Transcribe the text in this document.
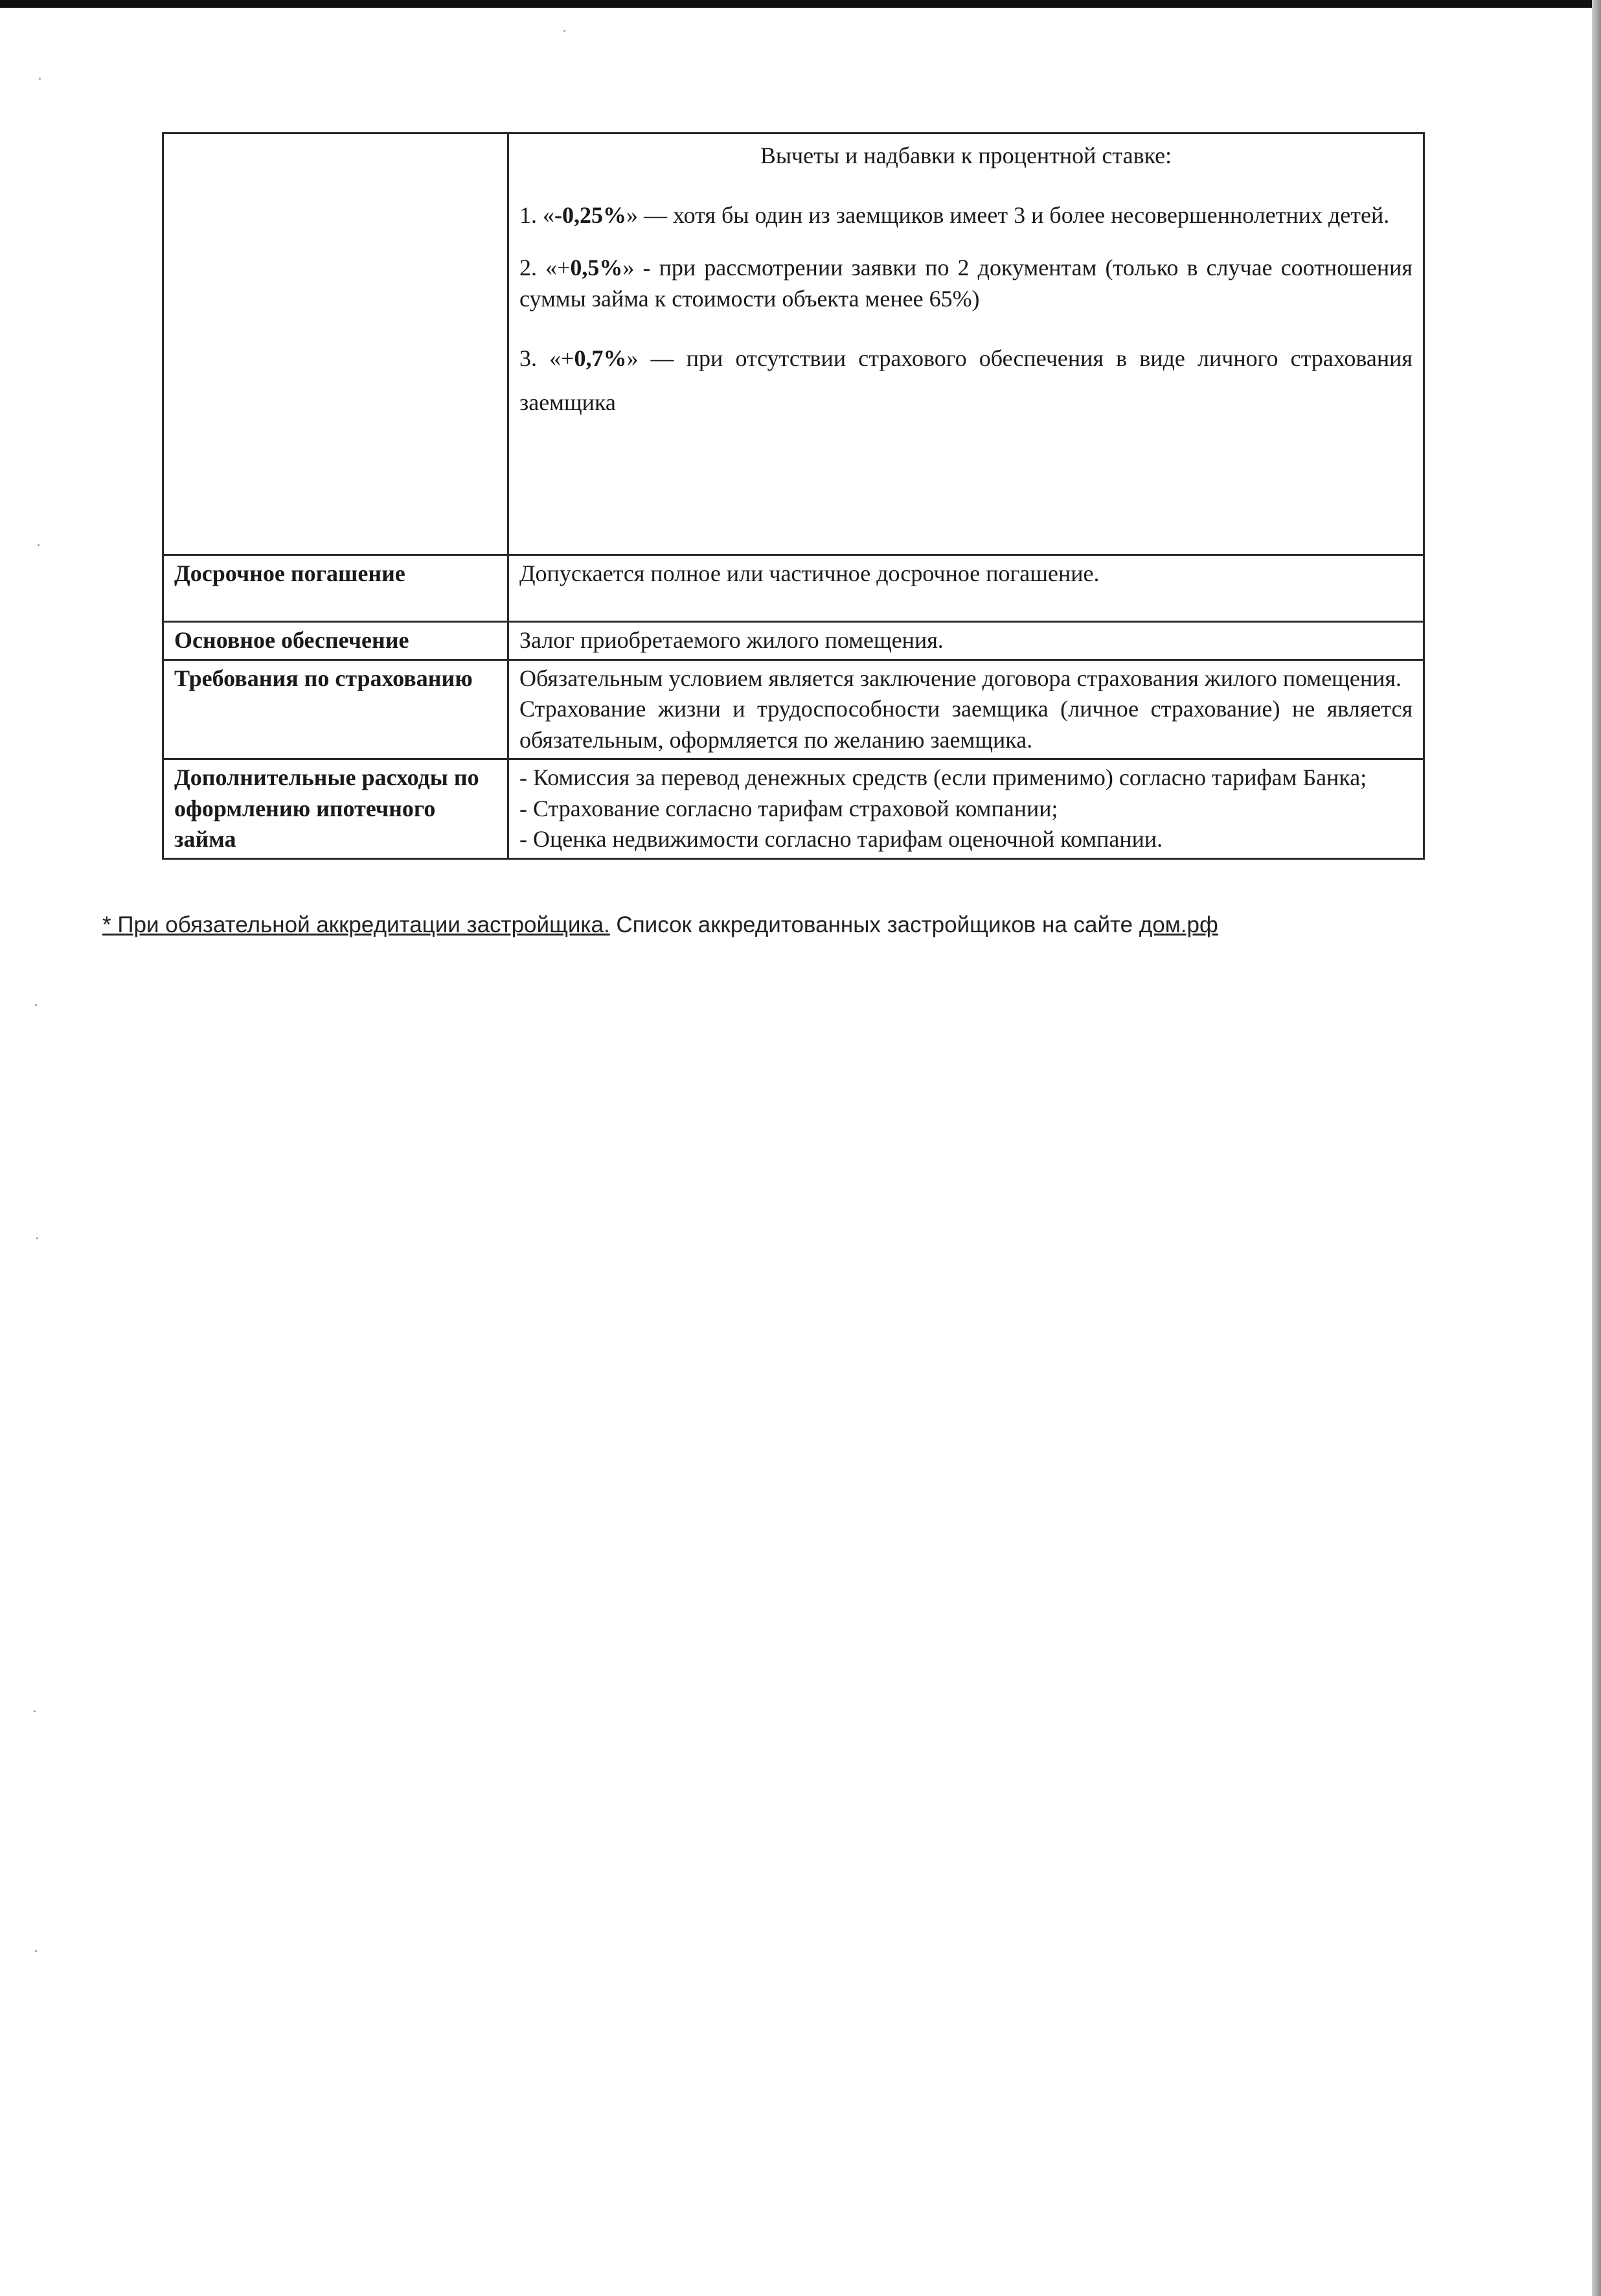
	Вычеты и надбавки к процентной ставке:

1. «-0,25%» — хотя бы один из заемщиков имеет 3 и более несовершеннолетних детей.

2. «+0,5%» - при рассмотрении заявки по 2 документам (только в случае соотношения суммы займа к стоимости объекта менее 65%)

3. «+0,7%» — при отсутствии страхового обеспечения в виде личного страхования заемщика

Досрочное погашение	Допускается полное или частичное досрочное погашение.
Основное обеспечение	Залог приобретаемого жилого помещения.
Требования по страхованию	Обязательным условием является заключение договора страхования жилого помещения.
Страхование жизни и трудоспособности заемщика (личное страхование) не является обязательным, оформляется по желанию заемщика.

Дополнительные расходы по оформлению ипотечного займа	- Комиссия за перевод денежных средств (если применимо) согласно тарифам Банка;
- Страхование согласно тарифам страховой компании;
- Оценка недвижимости согласно тарифам оценочной компании.
* При обязательной аккредитации застройщика. Список аккредитованных застройщиков на сайте дом.рф
